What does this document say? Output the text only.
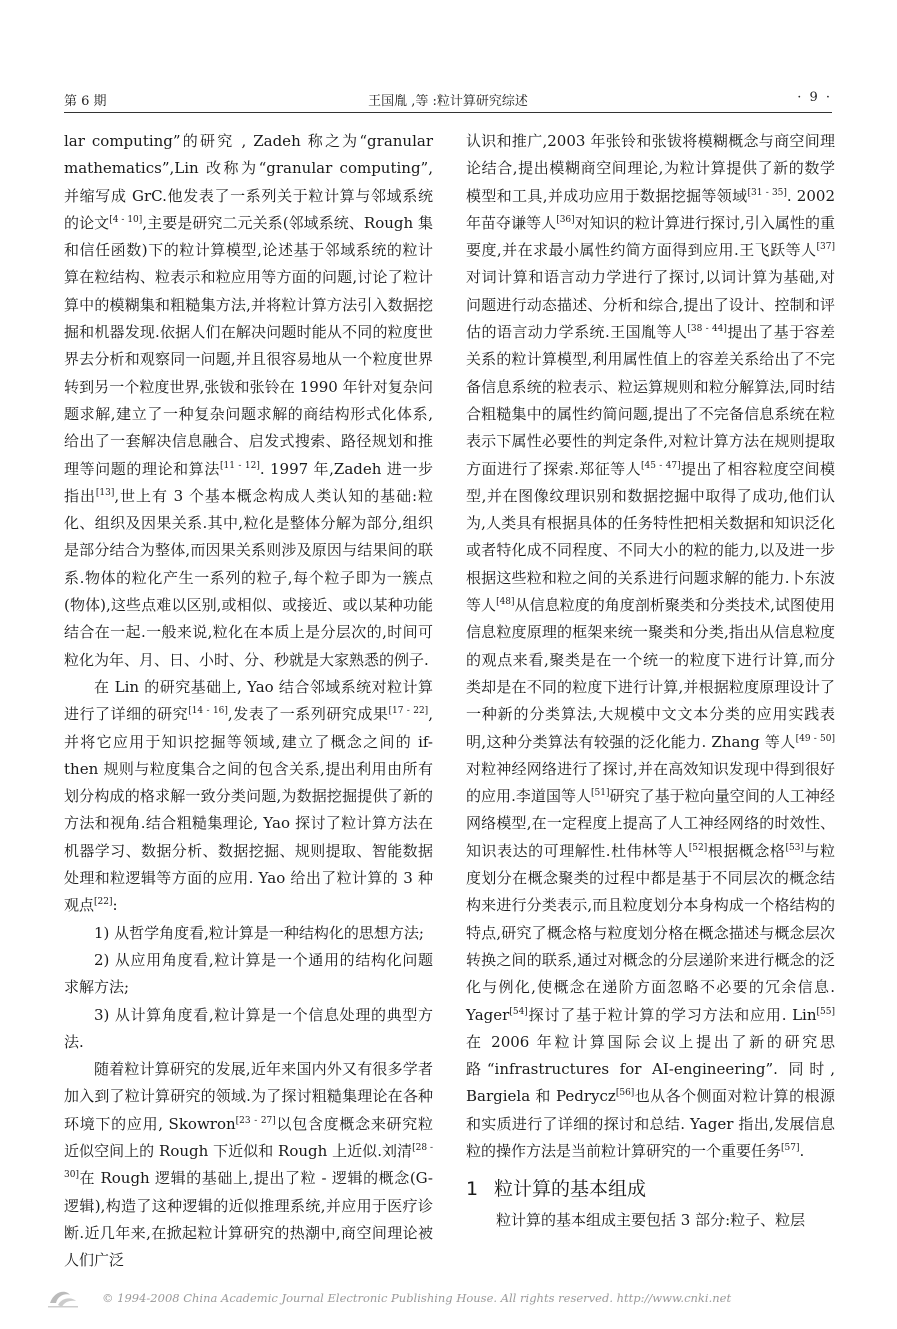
第 6 期	王国胤 ,等 :粒计算研究综述	· 9 ·

lar computing”的研究 , Zadeh 称之为“granular mathematics”,Lin 改称为“granular computing”,并缩写成 GrC.他发表了一系列关于粒计算与邻域系统的论文[4 - 10],主要是研究二元关系(邻域系统、Rough 集和信任函数)下的粒计算模型,论述基于邻域系统的粒计算在粒结构、粒表示和粒应用等方面的问题,讨论了粒计算中的模糊集和粗糙集方法,并将粒计算方法引入数据挖掘和机器发现.依据人们在解决问题时能从不同的粒度世界去分析和观察同一问题,并且很容易地从一个粒度世界转到另一个粒度世界,张钹和张铃在 1990 年针对复杂问题求解,建立了一种复杂问题求解的商结构形式化体系,给出了一套解决信息融合、启发式搜索、路径规划和推理等问题的理论和算法[11 - 12]. 1997 年,Zadeh 进一步指出[13],世上有 3 个基本概念构成人类认知的基础:粒化、组织及因果关系.其中,粒化是整体分解为部分,组织是部分结合为整体,而因果关系则涉及原因与结果间的联系.物体的粒化产生一系列的粒子,每个粒子即为一簇点(物体),这些点难以区别,或相似、或接近、或以某种功能结合在一起.一般来说,粒化在本质上是分层次的,时间可粒化为年、月、日、小时、分、秒就是大家熟悉的例子.

在 Lin 的研究基础上, Yao 结合邻域系统对粒计算进行了详细的研究[14 - 16],发表了一系列研究成果[17 - 22],并将它应用于知识挖掘等领域,建立了概念之间的 if-then 规则与粒度集合之间的包含关系,提出利用由所有划分构成的格求解一致分类问题,为数据挖掘提供了新的方法和视角.结合粗糙集理论, Yao 探讨了粒计算方法在机器学习、数据分析、数据挖掘、规则提取、智能数据处理和粒逻辑等方面的应用. Yao 给出了粒计算的 3 种观点[22]:

1) 从哲学角度看,粒计算是一种结构化的思想方法;

2) 从应用角度看,粒计算是一个通用的结构化问题求解方法;

3) 从计算角度看,粒计算是一个信息处理的典型方法.

随着粒计算研究的发展,近年来国内外又有很多学者加入到了粒计算研究的领域.为了探讨粗糙集理论在各种环境下的应用, Skowron[23 - 27]以包含度概念来研究粒近似空间上的 Rough 下近似和 Rough 上近似.刘清[28 - 30]在 Rough 逻辑的基础上,提出了粒 - 逻辑的概念(G-逻辑),构造了这种逻辑的近似推理系统,并应用于医疗诊断.近几年来,在掀起粒计算研究的热潮中,商空间理论被人们广泛

认识和推广,2003 年张铃和张钹将模糊概念与商空间理论结合,提出模糊商空间理论,为粒计算提供了新的数学模型和工具,并成功应用于数据挖掘等领域[31 - 35]. 2002 年苗夺谦等人[36]对知识的粒计算进行探讨,引入属性的重要度,并在求最小属性约简方面得到应用.王飞跃等人[37]对词计算和语言动力学进行了探讨,以词计算为基础,对问题进行动态描述、分析和综合,提出了设计、控制和评估的语言动力学系统.王国胤等人[38 - 44]提出了基于容差关系的粒计算模型,利用属性值上的容差关系给出了不完备信息系统的粒表示、粒运算规则和粒分解算法,同时结合粗糙集中的属性约简问题,提出了不完备信息系统在粒表示下属性必要性的判定条件,对粒计算方法在规则提取方面进行了探索.郑征等人[45 - 47]提出了相容粒度空间模型,并在图像纹理识别和数据挖掘中取得了成功,他们认为,人类具有根据具体的任务特性把相关数据和知识泛化或者特化成不同程度、不同大小的粒的能力,以及进一步根据这些粒和粒之间的关系进行问题求解的能力.卜东波等人[48]从信息粒度的角度剖析聚类和分类技术,试图使用信息粒度原理的框架来统一聚类和分类,指出从信息粒度的观点来看,聚类是在一个统一的粒度下进行计算,而分类却是在不同的粒度下进行计算,并根据粒度原理设计了一种新的分类算法,大规模中文文本分类的应用实践表明,这种分类算法有较强的泛化能力. Zhang 等人[49 - 50]对粒神经网络进行了探讨,并在高效知识发现中得到很好的应用.李道国等人[51]研究了基于粒向量空间的人工神经网络模型,在一定程度上提高了人工神经网络的时效性、知识表达的可理解性.杜伟林等人[52]根据概念格[53]与粒度划分在概念聚类的过程中都是基于不同层次的概念结构来进行分类表示,而且粒度划分本身构成一个格结构的特点,研究了概念格与粒度划分格在概念描述与概念层次转换之间的联系,通过对概念的分层递阶来进行概念的泛化与例化,使概念在递阶方面忽略不必要的冗余信息. Yager[54]探讨了基于粒计算的学习方法和应用. Lin[55]在 2006 年粒计算国际会议上提出了新的研究思路“infrastructures for AI-engineering”. 同时, Bargiela 和 Pedrycz[56]也从各个侧面对粒计算的根源和实质进行了详细的探讨和总结. Yager 指出,发展信息粒的操作方法是当前粒计算研究的一个重要任务[57].

1 粒计算的基本组成

粒计算的基本组成主要包括 3 部分:粒子、粒层

© 1994-2008 China Academic Journal Electronic Publishing House. All rights reserved. http://www.cnki.net
